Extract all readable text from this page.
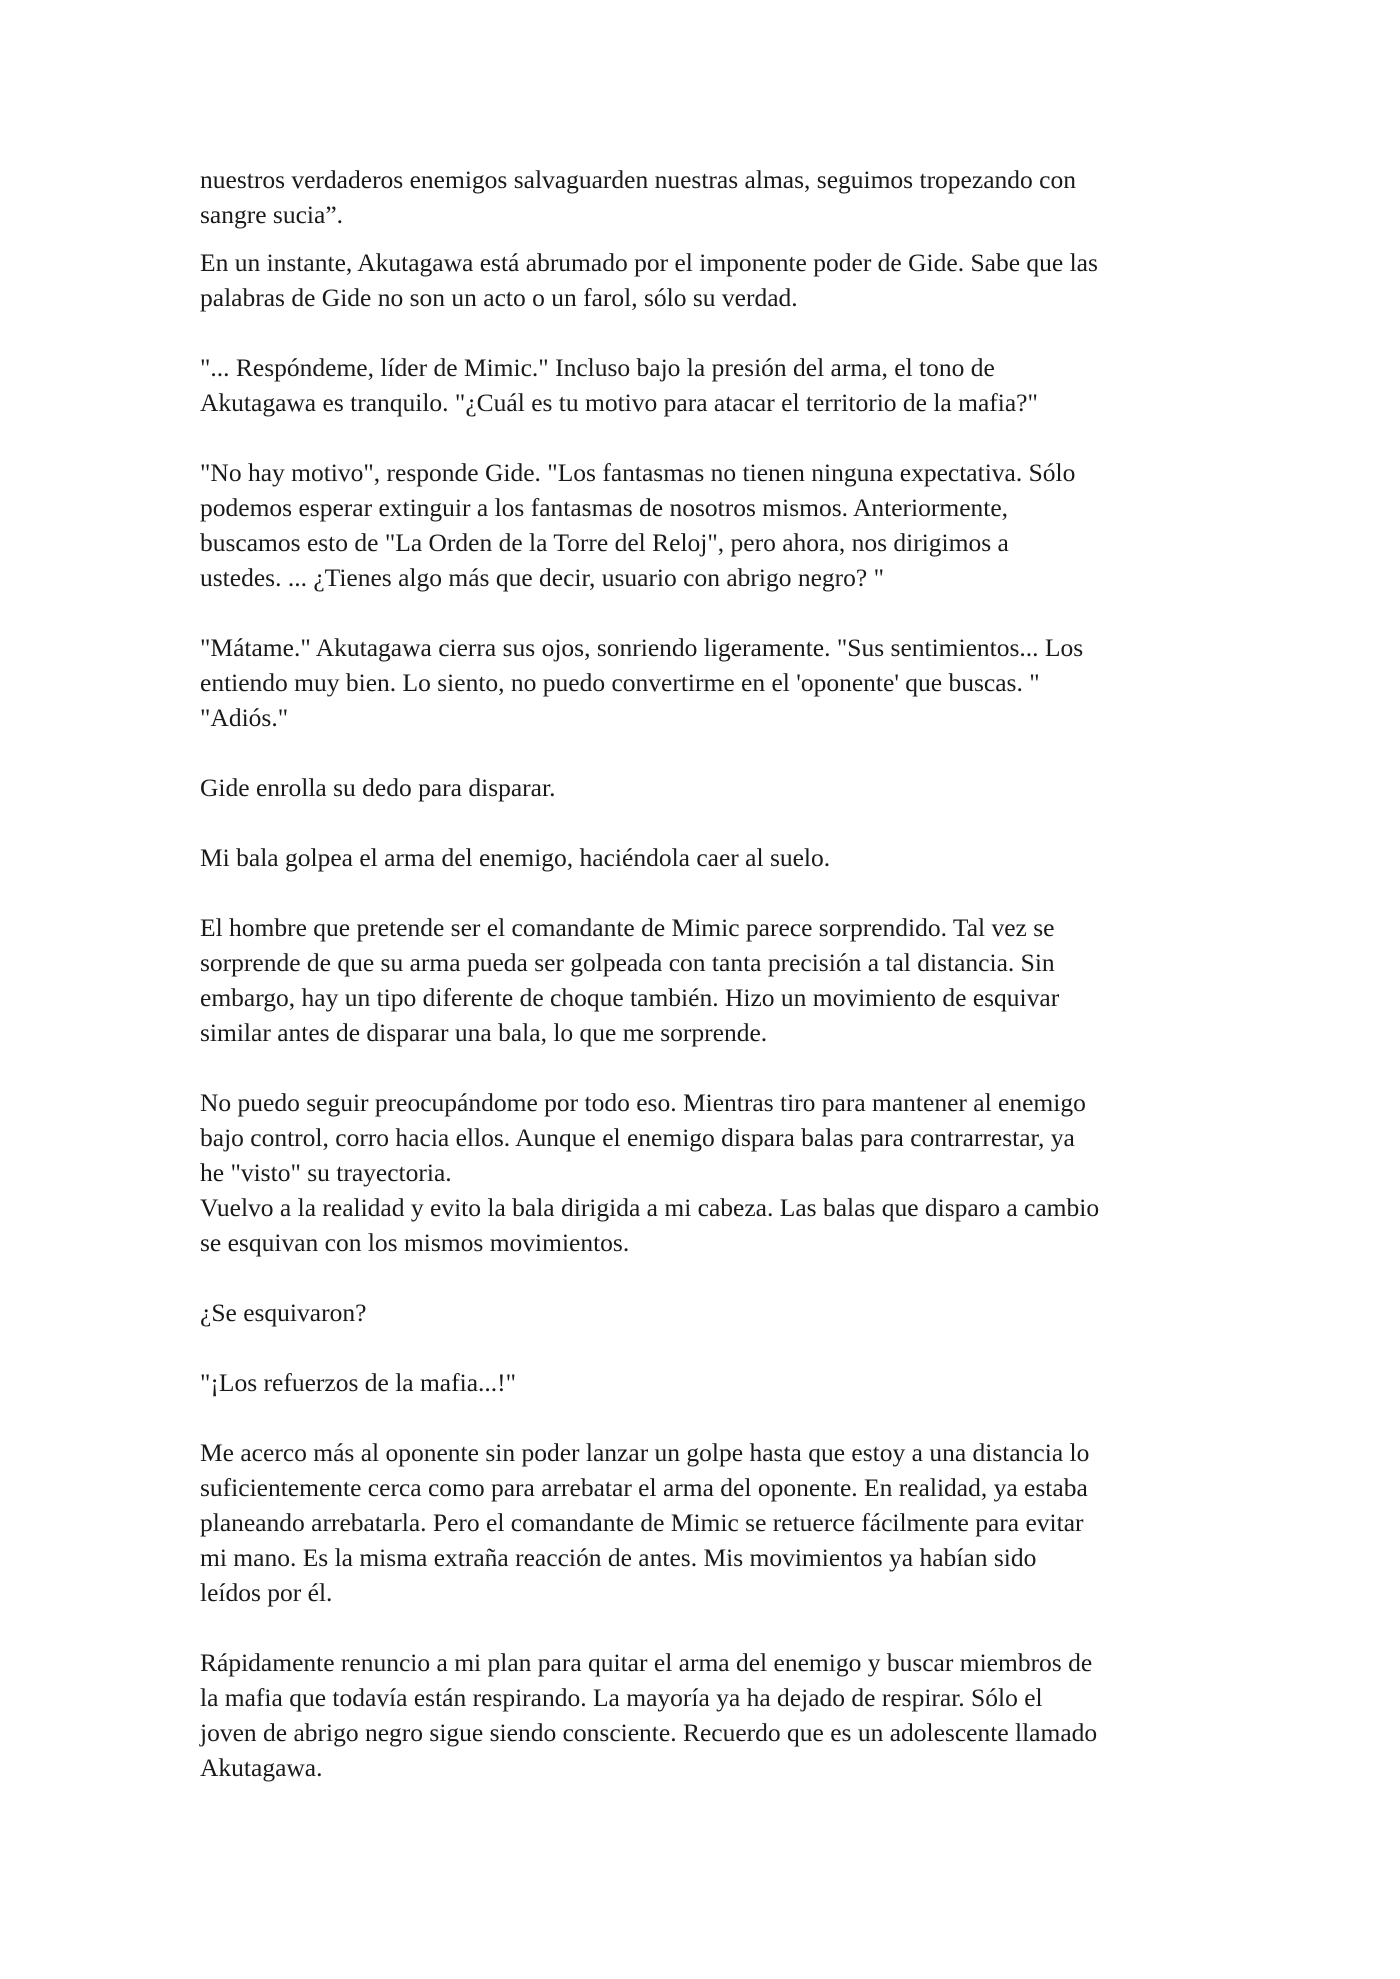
nuestros verdaderos enemigos salvaguarden nuestras almas, seguimos tropezando con
sangre sucia”.

En un instante, Akutagawa está abrumado por el imponente poder de Gide. Sabe que las
palabras de Gide no son un acto o un farol, sólo su verdad.

"... Respóndeme, líder de Mimic." Incluso bajo la presión del arma, el tono de
Akutagawa es tranquilo. "¿Cuál es tu motivo para atacar el territorio de la mafia?"

"No hay motivo", responde Gide. "Los fantasmas no tienen ninguna expectativa. Sólo
podemos esperar extinguir a los fantasmas de nosotros mismos. Anteriormente,
buscamos esto de "La Orden de la Torre del Reloj", pero ahora, nos dirigimos a
ustedes. ... ¿Tienes algo más que decir, usuario con abrigo negro? "

"Mátame." Akutagawa cierra sus ojos, sonriendo ligeramente. "Sus sentimientos... Los
entiendo muy bien. Lo siento, no puedo convertirme en el 'oponente' que buscas. "
"Adiós."

Gide enrolla su dedo para disparar.

Mi bala golpea el arma del enemigo, haciéndola caer al suelo.

El hombre que pretende ser el comandante de Mimic parece sorprendido. Tal vez se
sorprende de que su arma pueda ser golpeada con tanta precisión a tal distancia. Sin
embargo, hay un tipo diferente de choque también. Hizo un movimiento de esquivar
similar antes de disparar una bala, lo que me sorprende.

No puedo seguir preocupándome por todo eso. Mientras tiro para mantener al enemigo
bajo control, corro hacia ellos. Aunque el enemigo dispara balas para contrarrestar, ya
he "visto" su trayectoria.

Vuelvo a la realidad y evito la bala dirigida a mi cabeza. Las balas que disparo a cambio
se esquivan con los mismos movimientos.

¿Se esquivaron?

"¡Los refuerzos de la mafia...!"

Me acerco más al oponente sin poder lanzar un golpe hasta que estoy a una distancia lo
suficientemente cerca como para arrebatar el arma del oponente. En realidad, ya estaba
planeando arrebatarla. Pero el comandante de Mimic se retuerce fácilmente para evitar
mi mano. Es la misma extraña reacción de antes. Mis movimientos ya habían sido
leídos por él.

Rápidamente renuncio a mi plan para quitar el arma del enemigo y buscar miembros de
la mafia que todavía están respirando. La mayoría ya ha dejado de respirar. Sólo el
joven de abrigo negro sigue siendo consciente. Recuerdo que es un adolescente llamado
Akutagawa.
